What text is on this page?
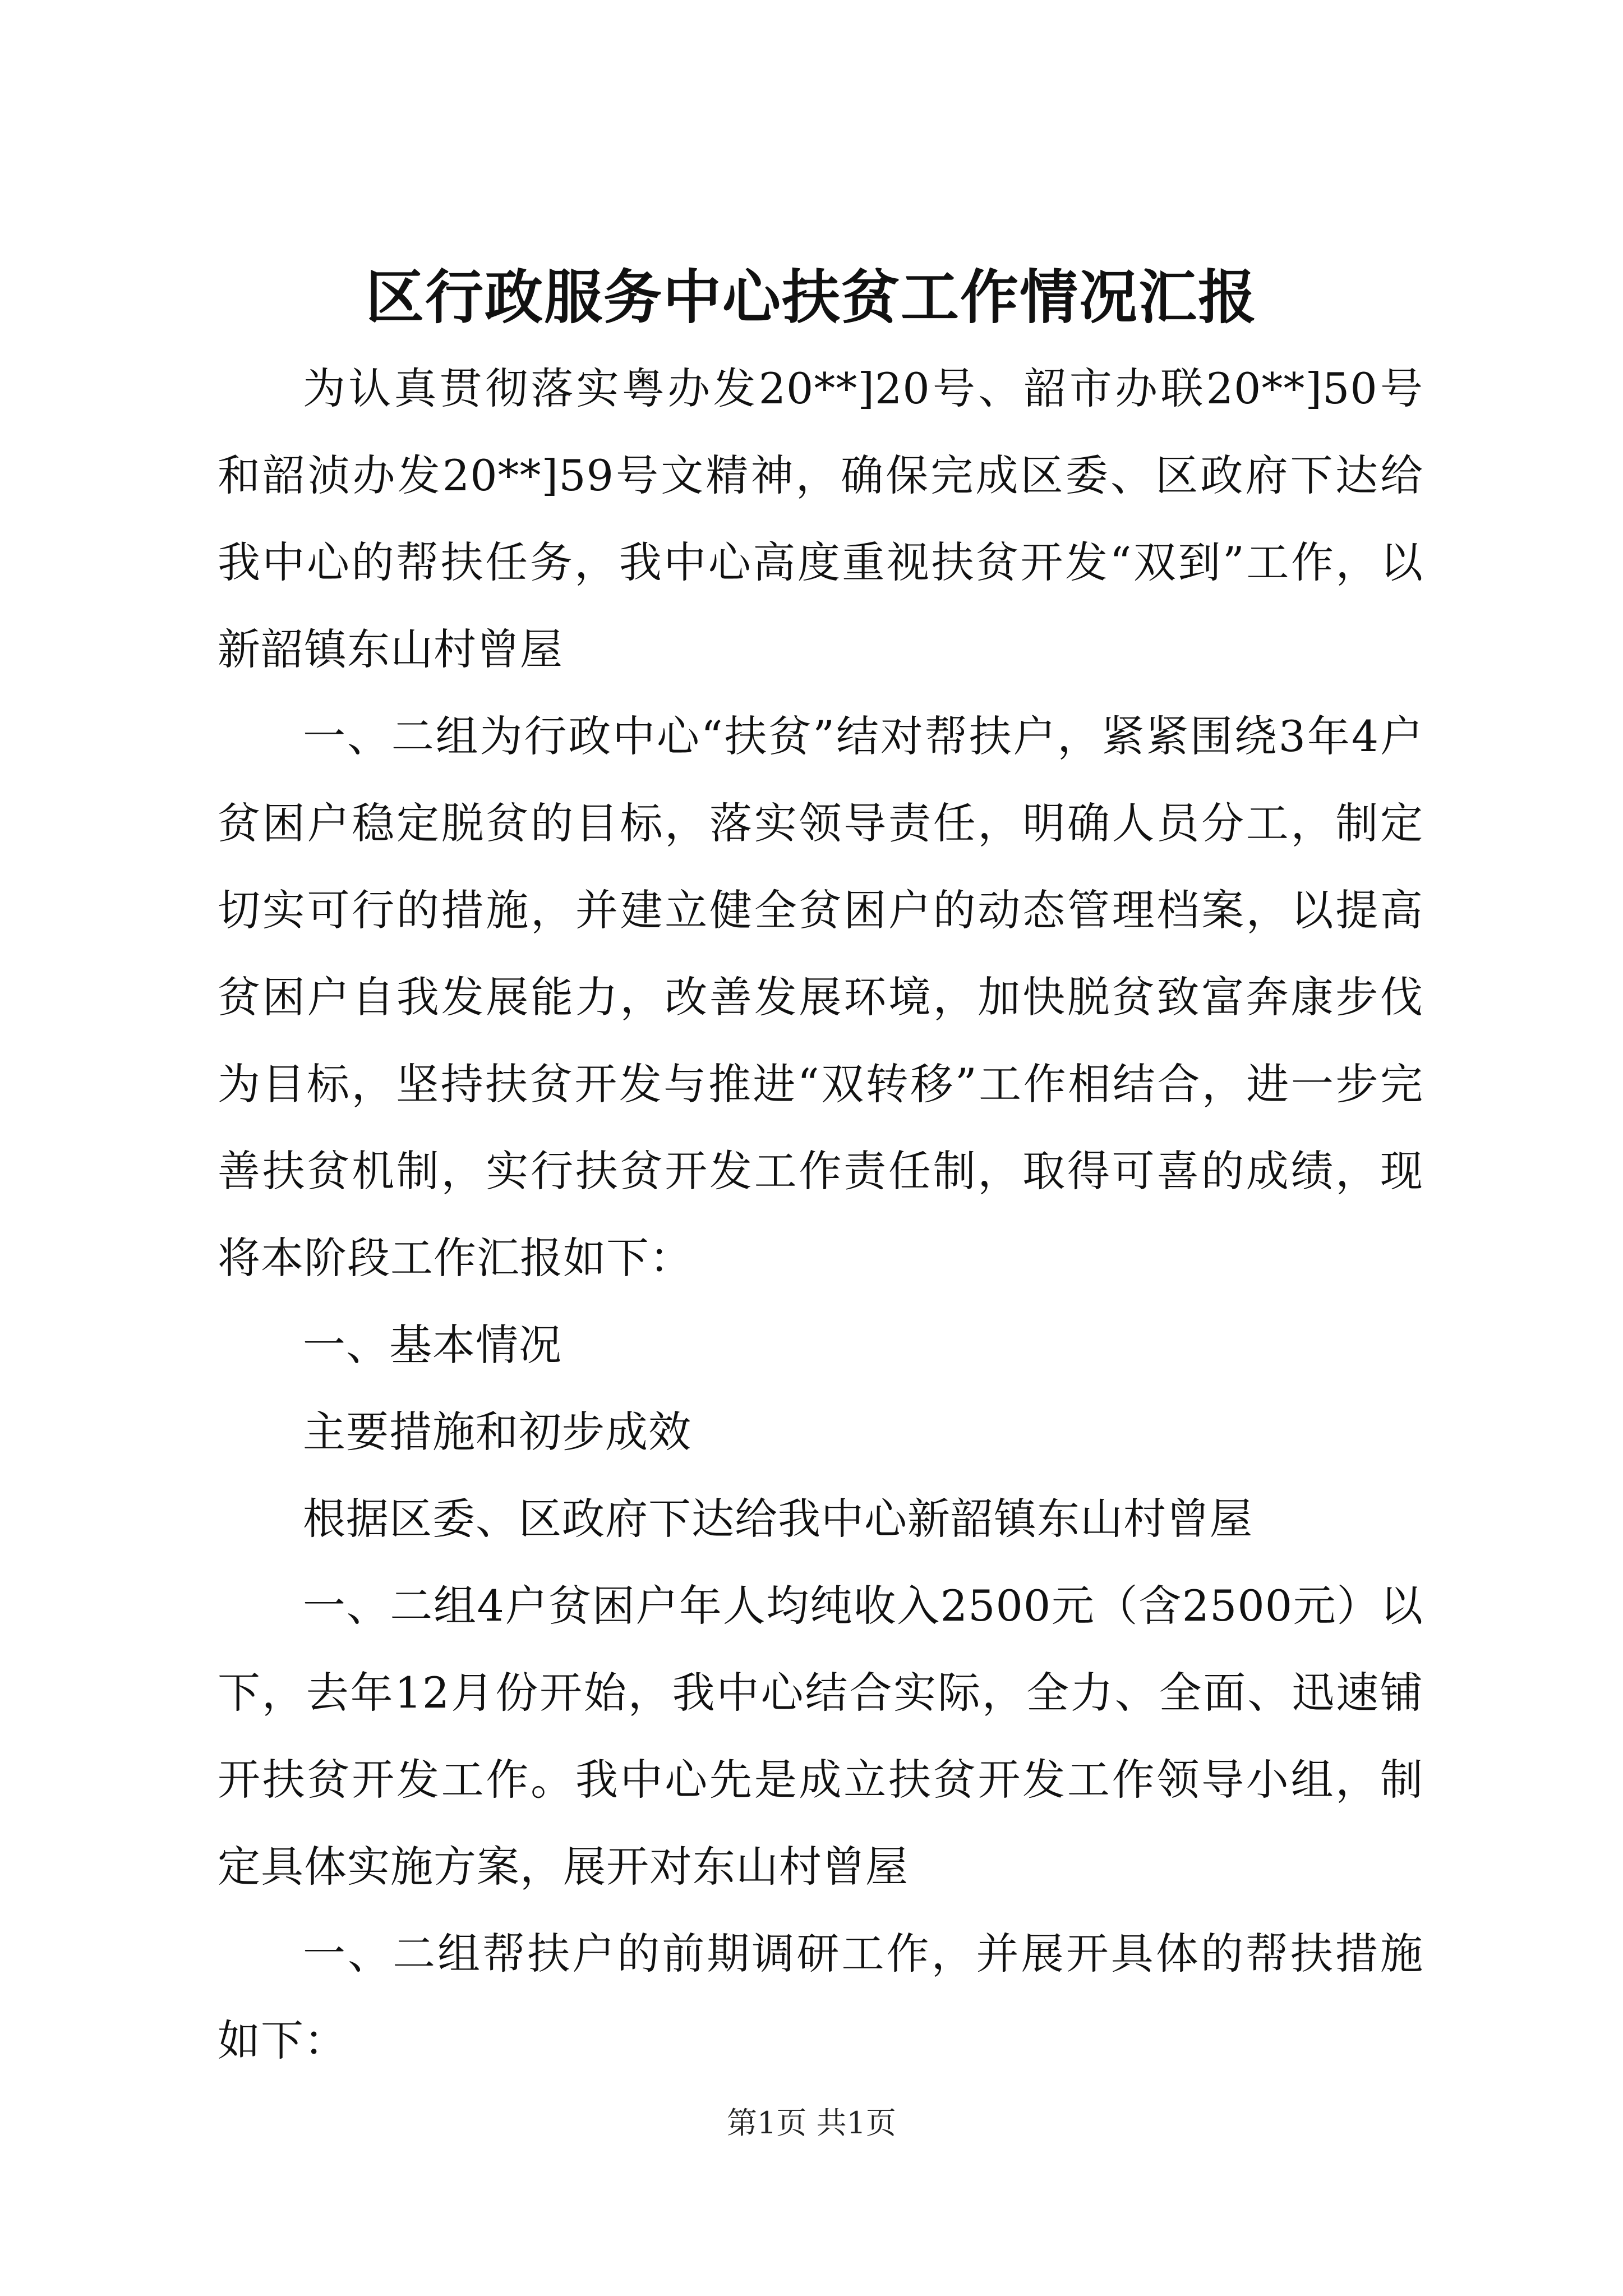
区行政服务中心扶贫工作情况汇报

为认真贯彻落实粤办发20**]20号、韶市办联20**]50号和韶浈办发20**]59号文精神，确保完成区委、区政府下达给我中心的帮扶任务，我中心高度重视扶贫开发“双到”工作，以新韶镇东山村曾屋

一、二组为行政中心“扶贫”结对帮扶户，紧紧围绕3年4户贫困户稳定脱贫的目标，落实领导责任，明确人员分工，制定切实可行的措施，并建立健全贫困户的动态管理档案，以提高贫困户自我发展能力，改善发展环境，加快脱贫致富奔康步伐为目标，坚持扶贫开发与推进“双转移”工作相结合，进一步完善扶贫机制，实行扶贫开发工作责任制，取得可喜的成绩，现将本阶段工作汇报如下：

一、基本情况

主要措施和初步成效

根据区委、区政府下达给我中心新韶镇东山村曾屋

一、二组4户贫困户年人均纯收入2500元（含2500元）以下，去年12月份开始，我中心结合实际，全力、全面、迅速铺开扶贫开发工作。我中心先是成立扶贫开发工作领导小组，制定具体实施方案，展开对东山村曾屋

一、二组帮扶户的前期调研工作，并展开具体的帮扶措施如下：

第1页 共1页
